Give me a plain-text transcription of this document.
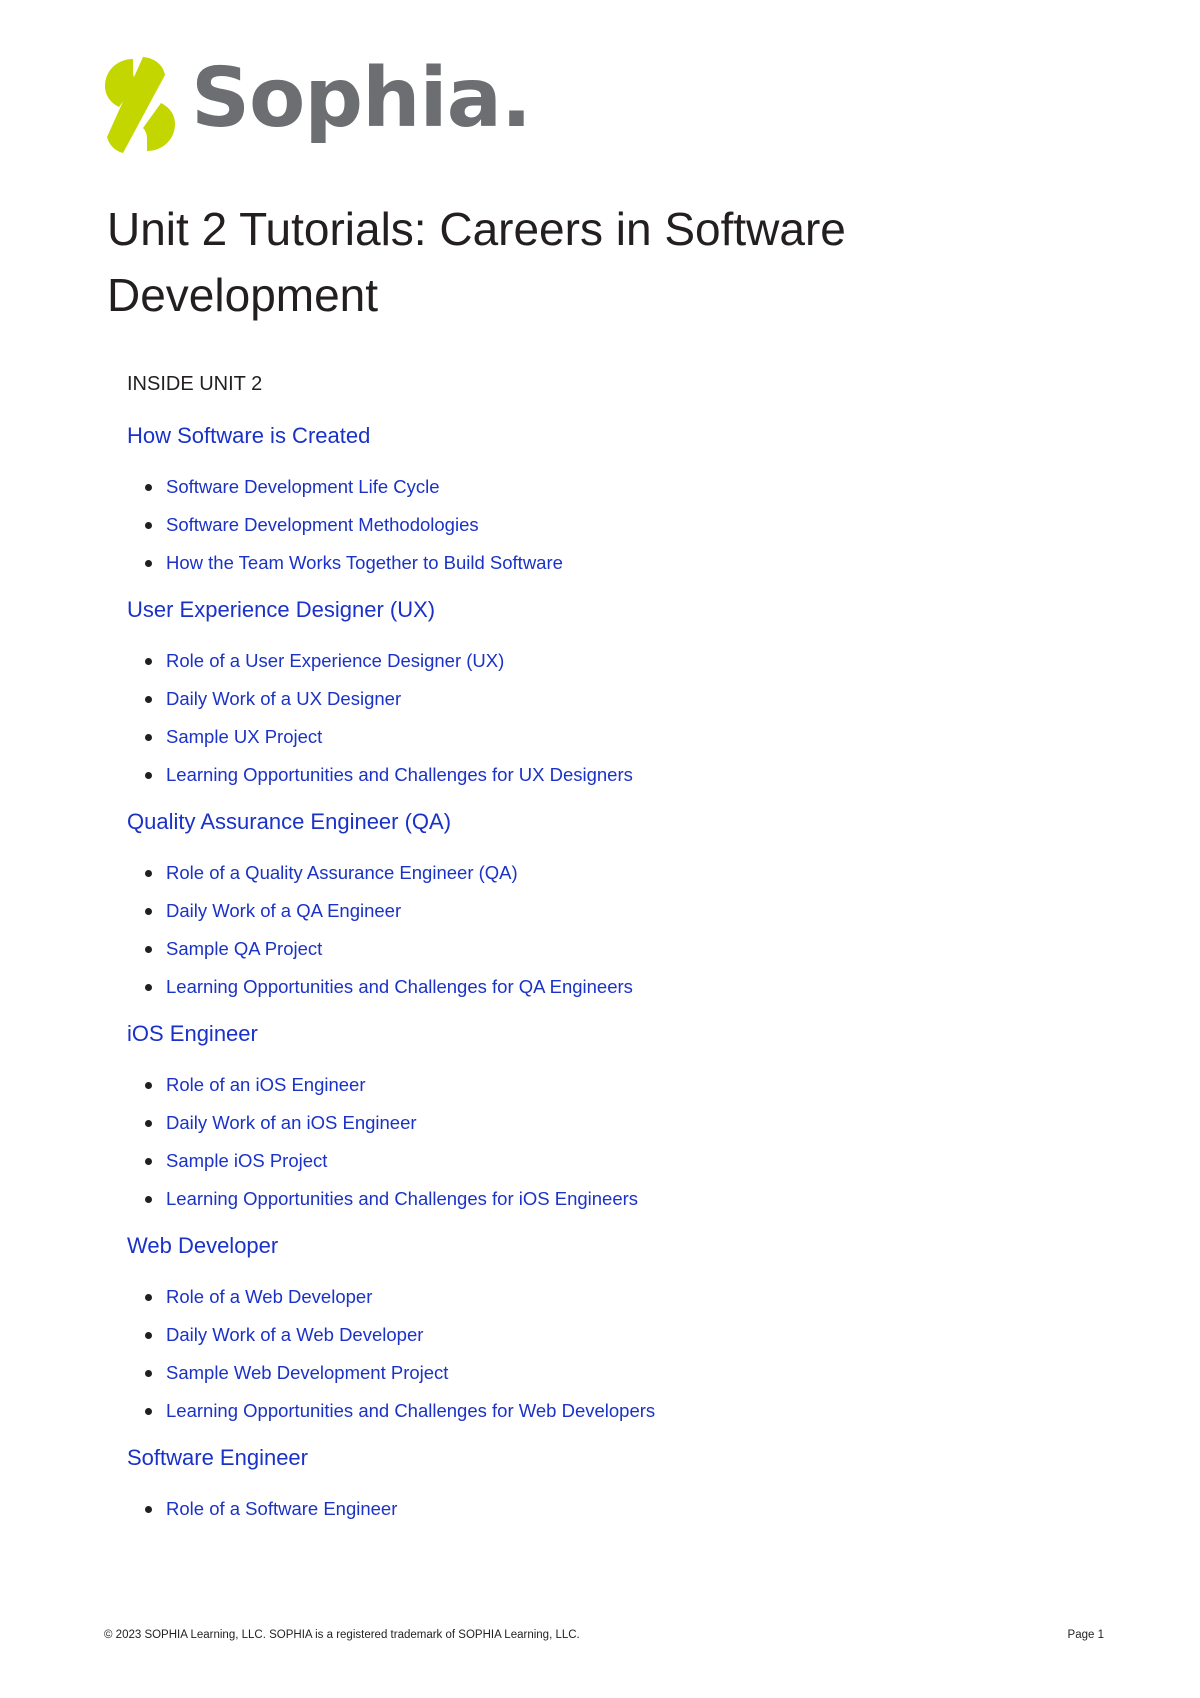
Sophia.
Unit 2 Tutorials: Careers in Software Development
INSIDE UNIT 2
How Software is Created
Software Development Life Cycle
Software Development Methodologies
How the Team Works Together to Build Software
User Experience Designer (UX)
Role of a User Experience Designer (UX)
Daily Work of a UX Designer
Sample UX Project
Learning Opportunities and Challenges for UX Designers
Quality Assurance Engineer (QA)
Role of a Quality Assurance Engineer (QA)
Daily Work of a QA Engineer
Sample QA Project
Learning Opportunities and Challenges for QA Engineers
iOS Engineer
Role of an iOS Engineer
Daily Work of an iOS Engineer
Sample iOS Project
Learning Opportunities and Challenges for iOS Engineers
Web Developer
Role of a Web Developer
Daily Work of a Web Developer
Sample Web Development Project
Learning Opportunities and Challenges for Web Developers
Software Engineer
Role of a Software Engineer
© 2023 SOPHIA Learning, LLC. SOPHIA is a registered trademark of SOPHIA Learning, LLC.	Page 1
